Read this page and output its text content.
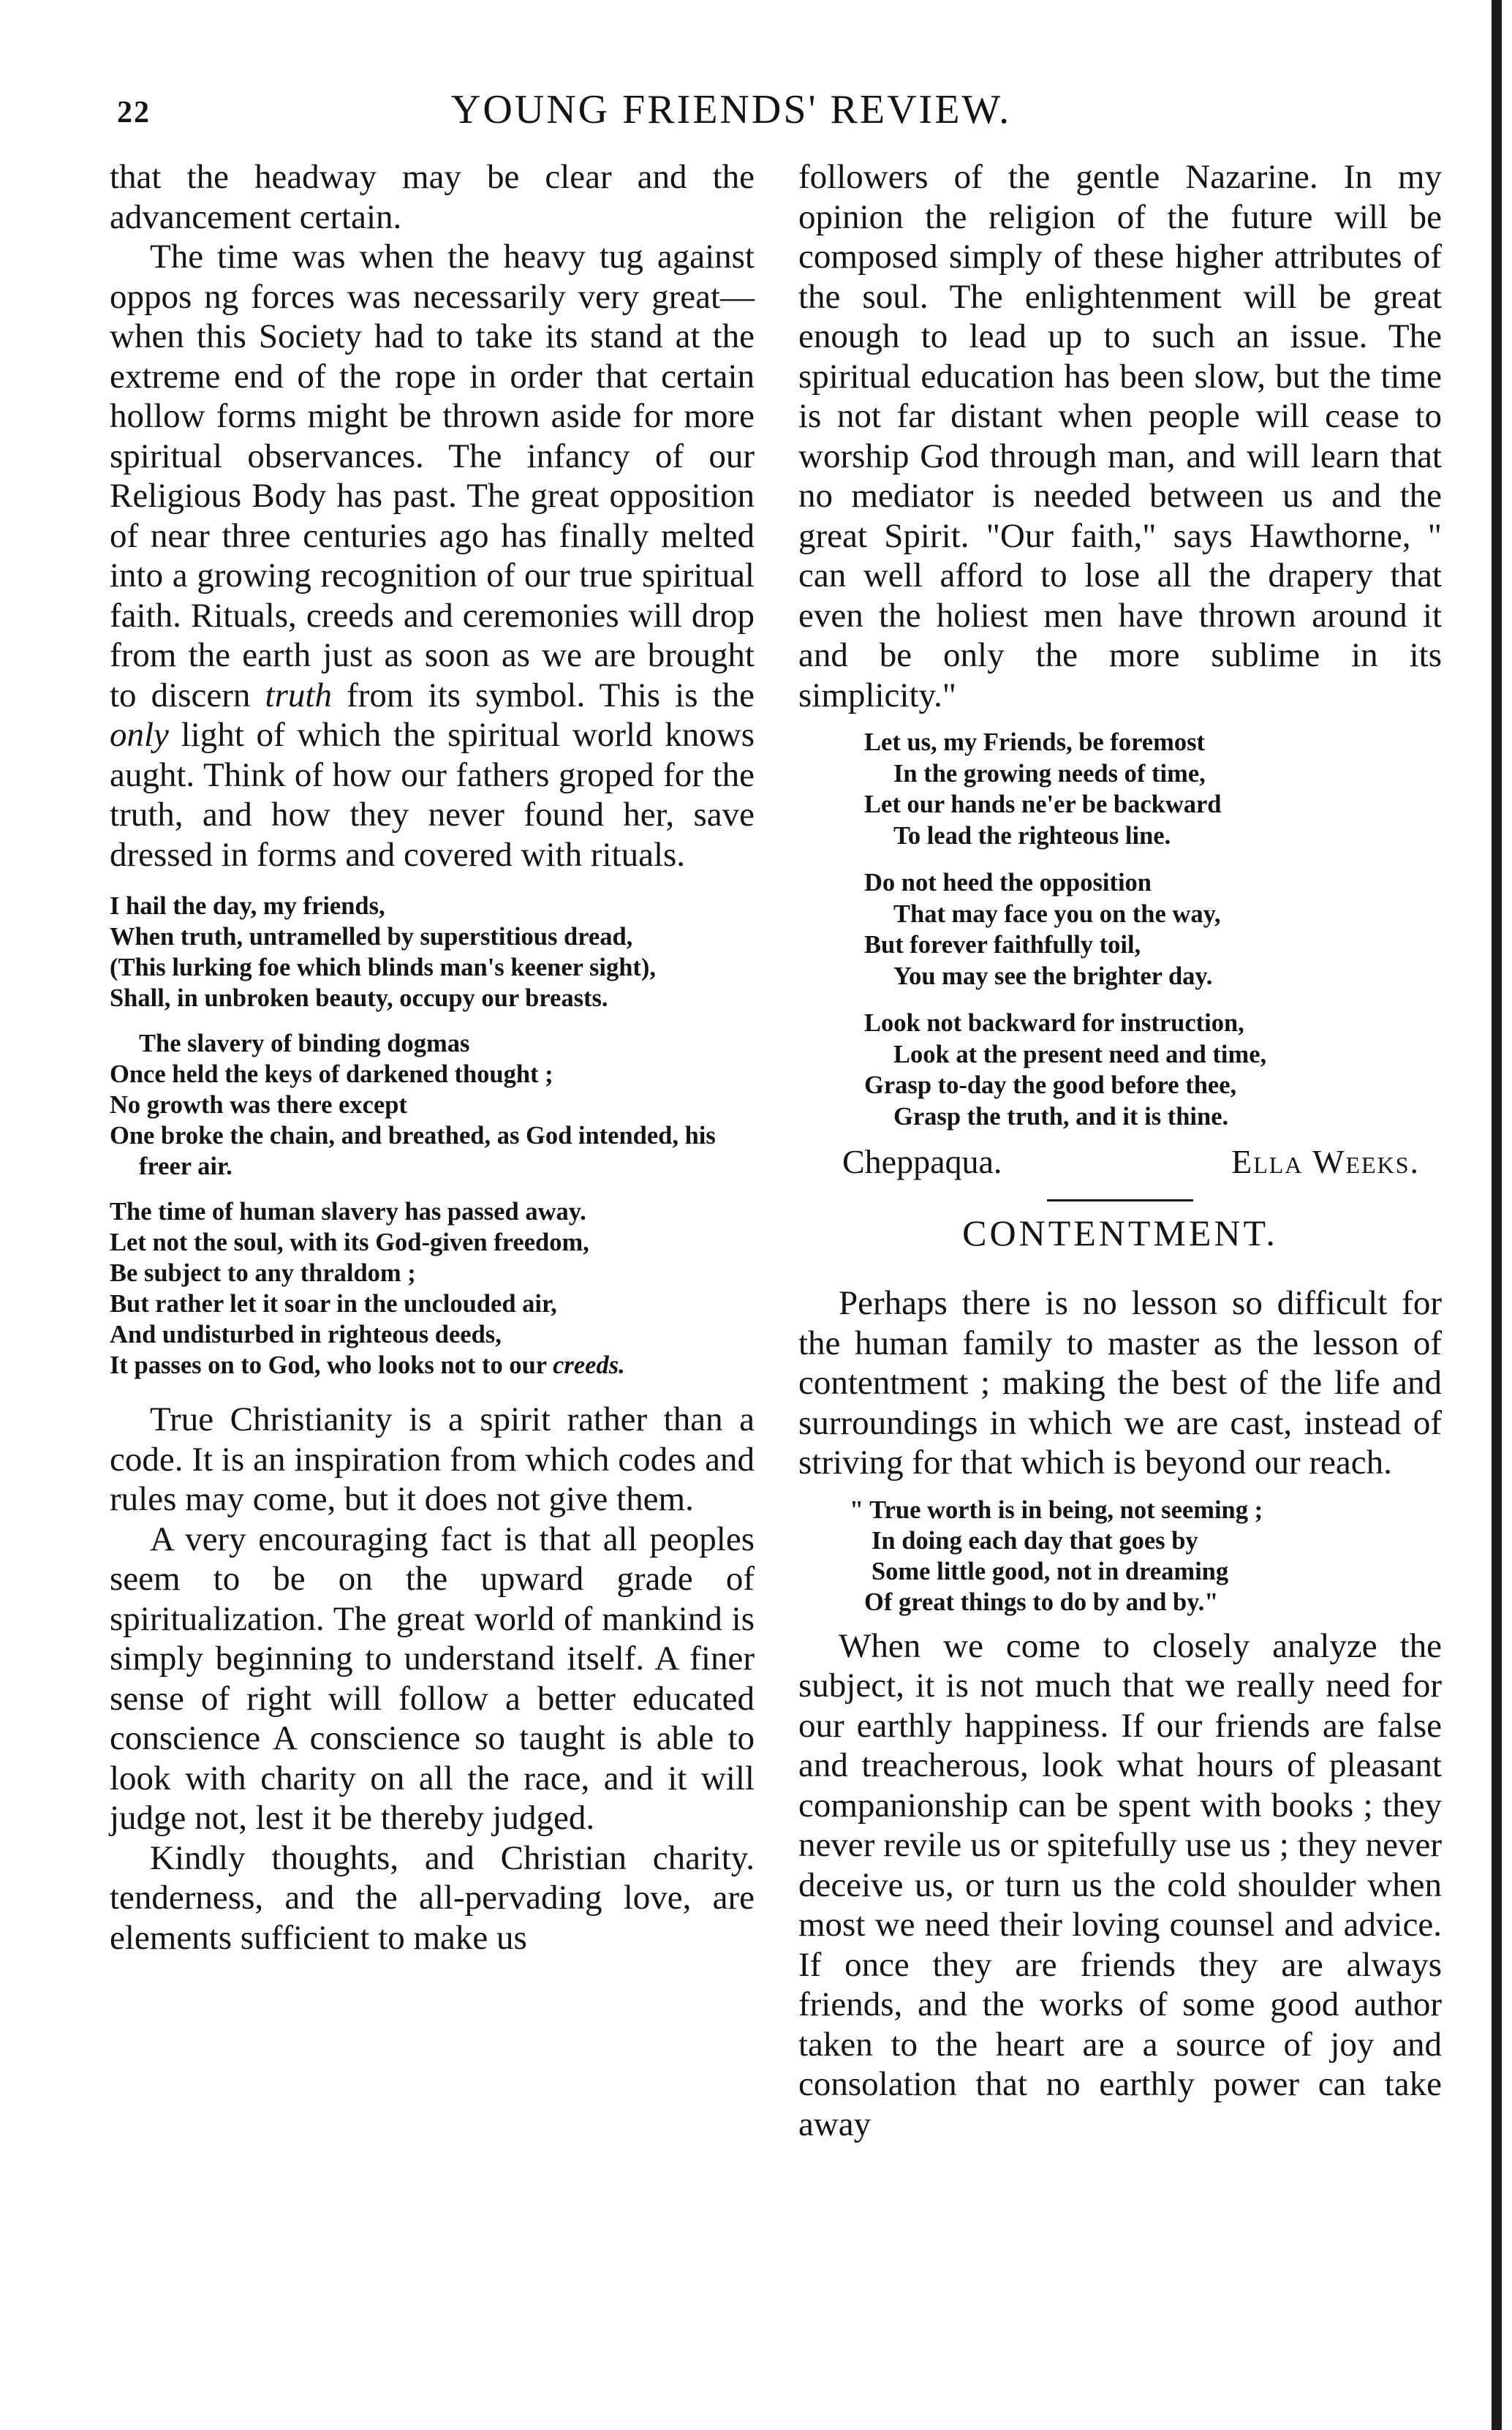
22	YOUNG FRIENDS' REVIEW.

that the headway may be clear and the advancement certain.

The time was when the heavy tug against oppos ng forces was necessarily very great—when this Society had to take its stand at the extreme end of the rope in order that certain hollow forms might be thrown aside for more spiritual observances. The infancy of our Religious Body has past. The great opposition of near three centuries ago has finally melted into a growing recognition of our true spiritual faith. Rituals, creeds and ceremonies will drop from the earth just as soon as we are brought to discern truth from its symbol. This is the only light of which the spiritual world knows aught. Think of how our fathers groped for the truth, and how they never found her, save dressed in forms and covered with rituals.

I hail the day, my friends,
When truth, untramelled by superstitious dread,
(This lurking foe which blinds man's keener sight),
Shall, in unbroken beauty, occupy our breasts.
The slavery of binding dogmas
Once held the keys of darkened thought ;
No growth was there except
One broke the chain, and breathed, as God intended, his freer air.
The time of human slavery has passed away.
Let not the soul, with its God-given freedom,
Be subject to any thraldom ;
But rather let it soar in the unclouded air,
And undisturbed in righteous deeds,
It passes on to God, who looks not to our creeds.

True Christianity is a spirit rather than a code. It is an inspiration from which codes and rules may come, but it does not give them.

A very encouraging fact is that all peoples seem to be on the upward grade of spiritualization. The great world of mankind is simply beginning to understand itself. A finer sense of right will follow a better educated conscience A conscience so taught is able to look with charity on all the race, and it will judge not, lest it be thereby judged.

Kindly thoughts, and Christian charity. tenderness, and the all-pervading love, are elements sufficient to make us

followers of the gentle Nazarine. In my opinion the religion of the future will be composed simply of these higher attributes of the soul. The enlightenment will be great enough to lead up to such an issue. The spiritual education has been slow, but the time is not far distant when people will cease to worship God through man, and will learn that no mediator is needed between us and the great Spirit. "Our faith," says Hawthorne, " can well afford to lose all the drapery that even the holiest men have thrown around it and be only the more sublime in its simplicity."

Let us, my Friends, be foremost
In the growing needs of time,
Let our hands ne'er be backward
To lead the righteous line.
Do not heed the opposition
That may face you on the way,
But forever faithfully toil,
You may see the brighter day.
Look not backward for instruction,
Look at the present need and time,
Grasp to-day the good before thee,
Grasp the truth, and it is thine.
Cheppaqua.	Ella Weeks.
CONTENTMENT.

Perhaps there is no lesson so difficult for the human family to master as the lesson of contentment ; making the best of the life and surroundings in which we are cast, instead of striving for that which is beyond our reach.

" True worth is in being, not seeming ;
In doing each day that goes by
Some little good, not in dreaming
Of great things to do by and by."

When we come to closely analyze the subject, it is not much that we really need for our earthly happiness. If our friends are false and treacherous, look what hours of pleasant companionship can be spent with books ; they never revile us or spitefully use us ; they never deceive us, or turn us the cold shoulder when most we need their loving counsel and advice. If once they are friends they are always friends, and the works of some good author taken to the heart are a source of joy and consolation that no earthly power can take away
